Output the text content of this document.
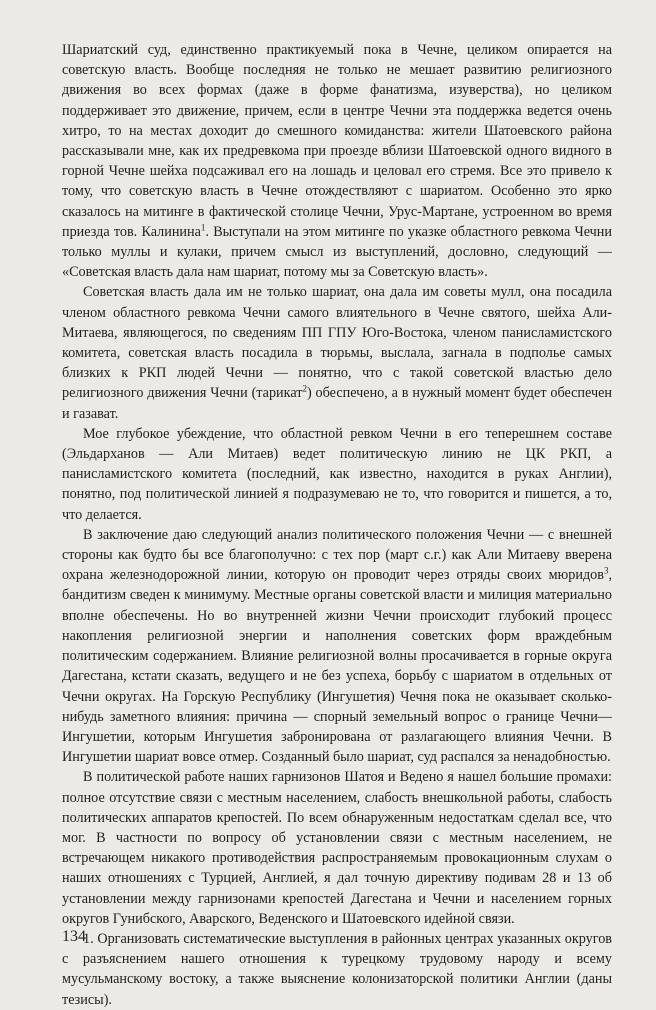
Шариатский суд, единственно практикуемый пока в Чечне, целиком опирается на советскую власть. Вообще последняя не только не мешает развитию религиозного движения во всех формах (даже в форме фанатизма, изуверства), но целиком поддерживает это движение, причем, если в центре Чечни эта поддержка ведется очень хитро, то на местах доходит до смешного комиданства: жители Шатоевского района рассказывали мне, как их предревкома при проезде вблизи Шатоевской одного видного в горной Чечне шейха подсаживал его на лошадь и целовал его стремя. Все это привело к тому, что советскую власть в Чечне отождествляют с шариатом. Особенно это ярко сказалось на митинге в фактической столице Чечни, Урус-Мартане, устроенном во время приезда тов. Калинина$^1$. Выступали на этом митинге по указке областного ревкома Чечни только муллы и кулаки, причем смысл из выступлений, дословно, следующий — «Советская власть дала нам шариат, потому мы за Советскую власть».

Советская власть дала им не только шариат, она дала им советы мулл, она посадила членом областного ревкома Чечни самого влиятельного в Чечне святого, шейха Али-Митаева, являющегося, по сведениям ПП ГПУ Юго-Востока, членом панисламистского комитета, советская власть посадила в тюрьмы, выслала, загнала в подполье самых близких к РКП людей Чечни — понятно, что с такой советской властью дело религиозного движения Чечни (тарикат$^2$) обеспечено, а в нужный момент будет обеспечен и газават.

Мое глубокое убеждение, что областной ревком Чечни в его теперешнем составе (Эльдарханов — Али Митаев) ведет политическую линию не ЦК РКП, а панисламистского комитета (последний, как известно, находится в руках Англии), понятно, под политической линией я подразумеваю не то, что говорится и пишется, а то, что делается.

В заключение даю следующий анализ политического положения Чечни — с внешней стороны как будто бы все благополучно: с тех пор (март с.г.) как Али Митаеву вверена охрана железнодорожной линии, которую он проводит через отряды своих мюридов$^3$, бандитизм сведен к минимуму. Местные органы советской власти и милиция материально вполне обеспечены. Но во внутренней жизни Чечни происходит глубокий процесс накопления религиозной энергии и наполнения советских форм враждебным политическим содержанием. Влияние религиозной волны просачивается в горные округа Дагестана, кстати сказать, ведущего и не без успеха, борьбу с шариатом в отдельных от Чечни округах. На Горскую Республику (Ингушетия) Чечня пока не оказывает сколько-нибудь заметного влияния: причина — спорный земельный вопрос о границе Чечни—Ингушетии, которым Ингушетия забронирована от разлагающего влияния Чечни. В Ингушетии шариат вовсе отмер. Созданный было шариат, суд распался за ненадобностью.

В политической работе наших гарнизонов Шатоя и Ведено я нашел большие промахи: полное отсутствие связи с местным населением, слабость внешкольной работы, слабость политических аппаратов крепостей. По всем обнаруженным недостаткам сделал все, что мог. В частности по вопросу об установлении связи с местным населением, не встречающем никакого противодействия распространяемым провокационным слухам о наших отношениях с Турцией, Англией, я дал точную директиву подивам 28 и 13 об установлении между гарнизонами крепостей Дагестана и Чечни и населением горных округов Гунибского, Аварского, Веденского и Шатоевского идейной связи.

1. Организовать систематические выступления в районных центрах указанных округов с разъяснением нашего отношения к турецкому трудовому народу и всему мусульманскому востоку, а также выяснение колонизаторской политики Англии (даны тезисы).

134
